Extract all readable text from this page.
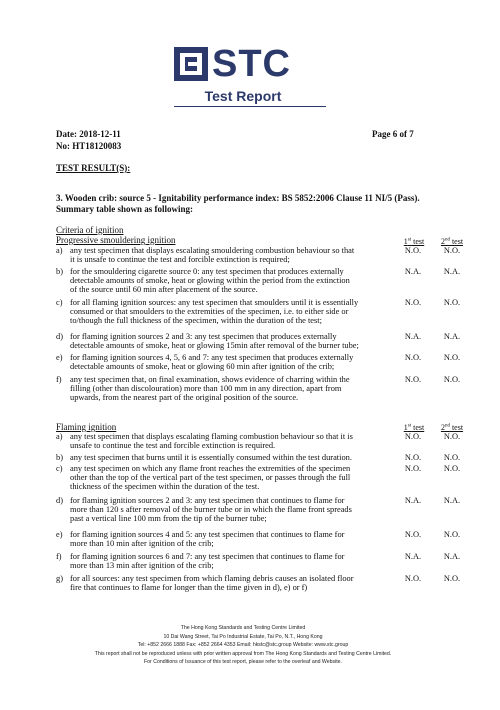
STC
Test Report
Date: 2018-12-11
No: HT18120083
Page 6 of 7
TEST RESULT(S):
3. Wooden crib: source 5 - Ignitability performance index: BS 5852:2006 Clause 11 NI/5 (Pass).
Summary table shown as following:
Criteria of ignition
Progressive smouldering ignition	1st test	2nd test
a) any test specimen that displays escalating smouldering combustion behaviour so that
it is unsafe to continue the test and forcible extinction is required;
N.O.	N.O.
b) for the smouldering cigarette source 0: any test specimen that produces externally
detectable amounts of smoke, heat or glowing within the period from the extinction
of the source until 60 min after placement of the source.
N.A.	N.A.
c) for all flaming ignition sources: any test specimen that smoulders until it is essentially
consumed or that smoulders to the extremities of the specimen, i.e. to either side or
to/though the full thickness of the specimen, within the duration of the test;
N.O.	N.O.
d) for flaming ignition sources 2 and 3: any test specimen that produces externally
detectable amounts of smoke, heat or glowing 15min after removal of the burner tube;
N.A.	N.A.
e) for flaming ignition sources 4, 5, 6 and 7: any test specimen that produces externally
detectable amounts of smoke, heat or glowing 60 min after ignition of the crib;
N.O.	N.O.
f)	any test specimen that, on final examination, shows evidence of charring within the
filling (other than discolouration) more than 100 mm in any direction, apart from
upwards, from the nearest part of the original position of the source.
N.O.	N.O.
Flaming ignition	1st test	2nd test
a) any test specimen that displays escalating flaming combustion behaviour so that it is
unsafe to continue the test and forcible extinction is required.
N.O.	N.O.
b) any test specimen that burns until it is essentially consumed within the test duration.	N.O.	N.O.
c) any test specimen on which any flame front reaches the extremities of the specimen
other than the top of the vertical part of the test specimen, or passes through the full
thickness of the specimen within the duration of the test.
N.O.	N.O.
d) for flaming ignition sources 2 and 3: any test specimen that continues to flame for
more than 120 s after removal of the burner tube or in which the flame front spreads
past a vertical line 100 mm from the tip of the burner tube;
N.A.	N.A.
e) for flaming ignition sources 4 and 5: any test specimen that continues to flame for
more than 10 min after ignition of the crib;
N.O.	N.O.
f)	for flaming ignition sources 6 and 7: any test specimen that continues to flame for
more than 13 min after ignition of the crib;
N.A.	N.A.
g) for all sources: any test specimen from which flaming debris causes an isolated floor
fire that continues to flame for longer than the time given in d), e) or f)
N.O.	N.O.
The Hong Kong Standards and Testing Centre Limited
10 Dai Wang Street, Tai Po Industrial Estate, Tai Po, N.T., Hong Kong
Tel: +852 2666 1888 Fax: +852 2664 4353 Email: hkstc@stc.group Website: www.stc.group
This report shall not be reproduced unless with prior written approval from The Hong Kong Standards and Testing Centre Limited.
For Conditions of Issuance of this test report, please refer to the overleaf and Website.
